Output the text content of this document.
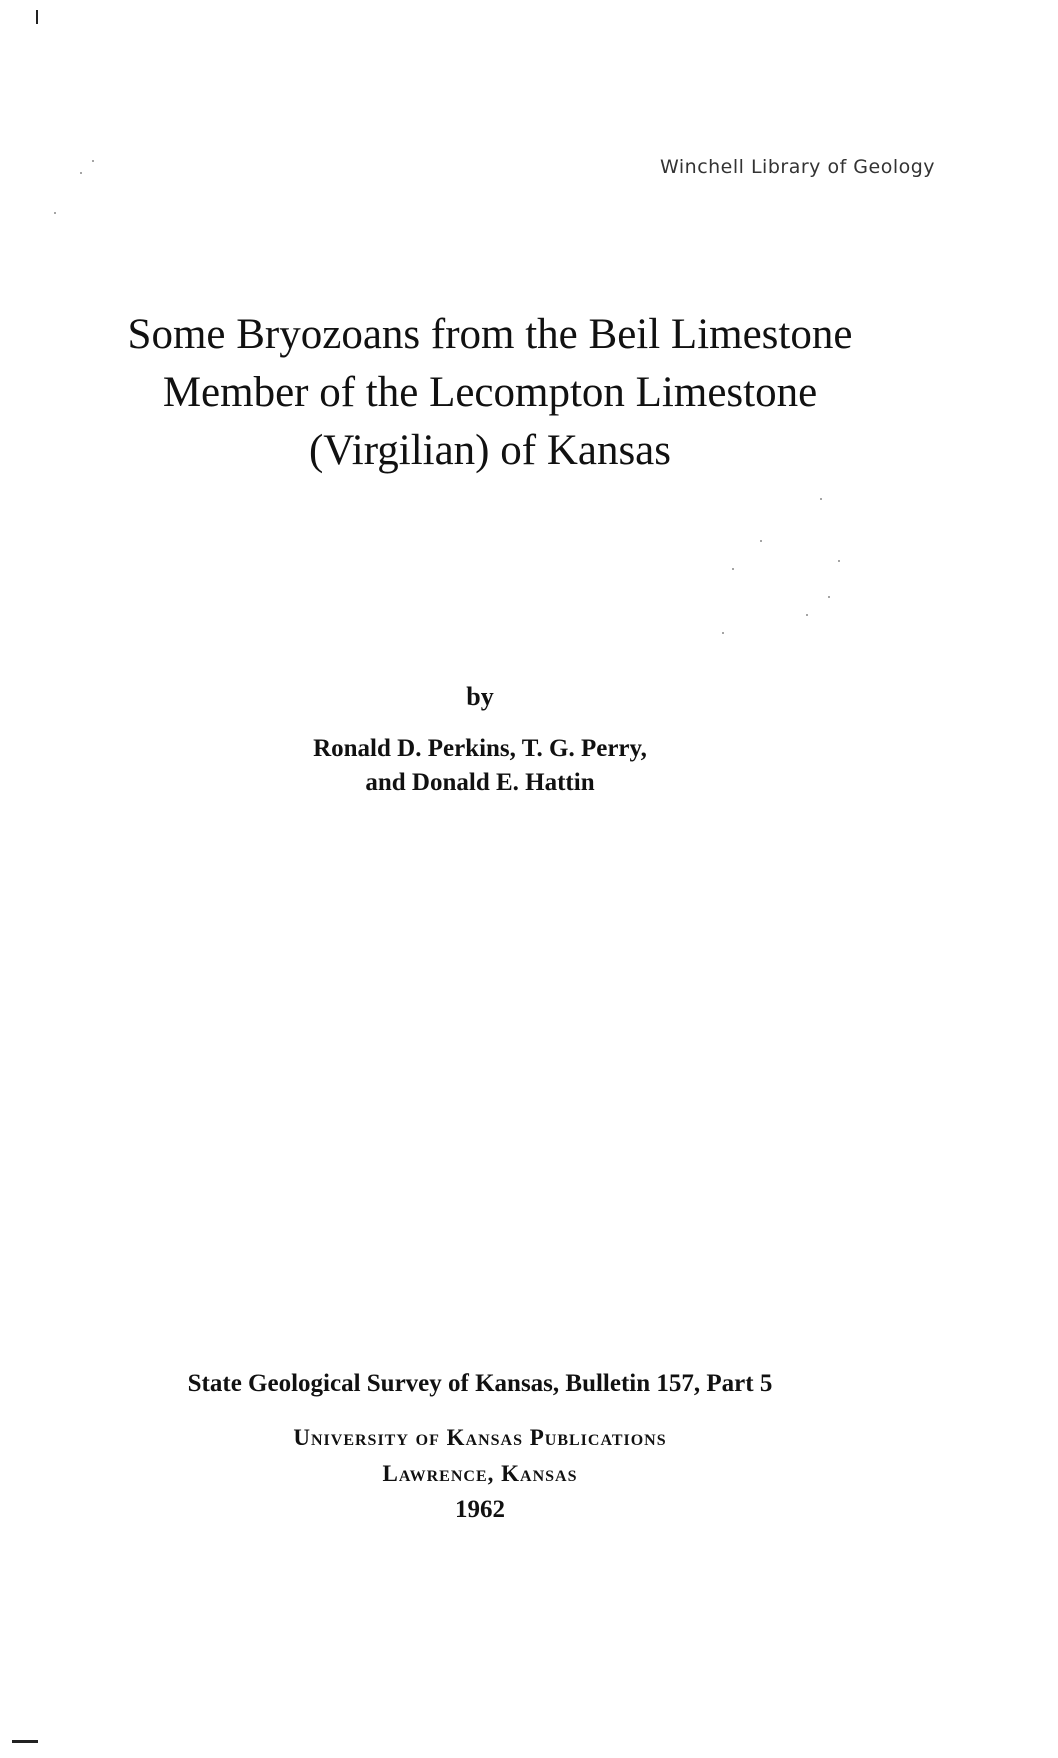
Winchell Library of Geology
Some Bryozoans from the Beil Limestone
Member of the Lecompton Limestone
(Virgilian) of Kansas
by
Ronald D. Perkins, T. G. Perry,
and Donald E. Hattin
State Geological Survey of Kansas, Bulletin 157, Part 5
University of Kansas Publications
Lawrence, Kansas
1962
